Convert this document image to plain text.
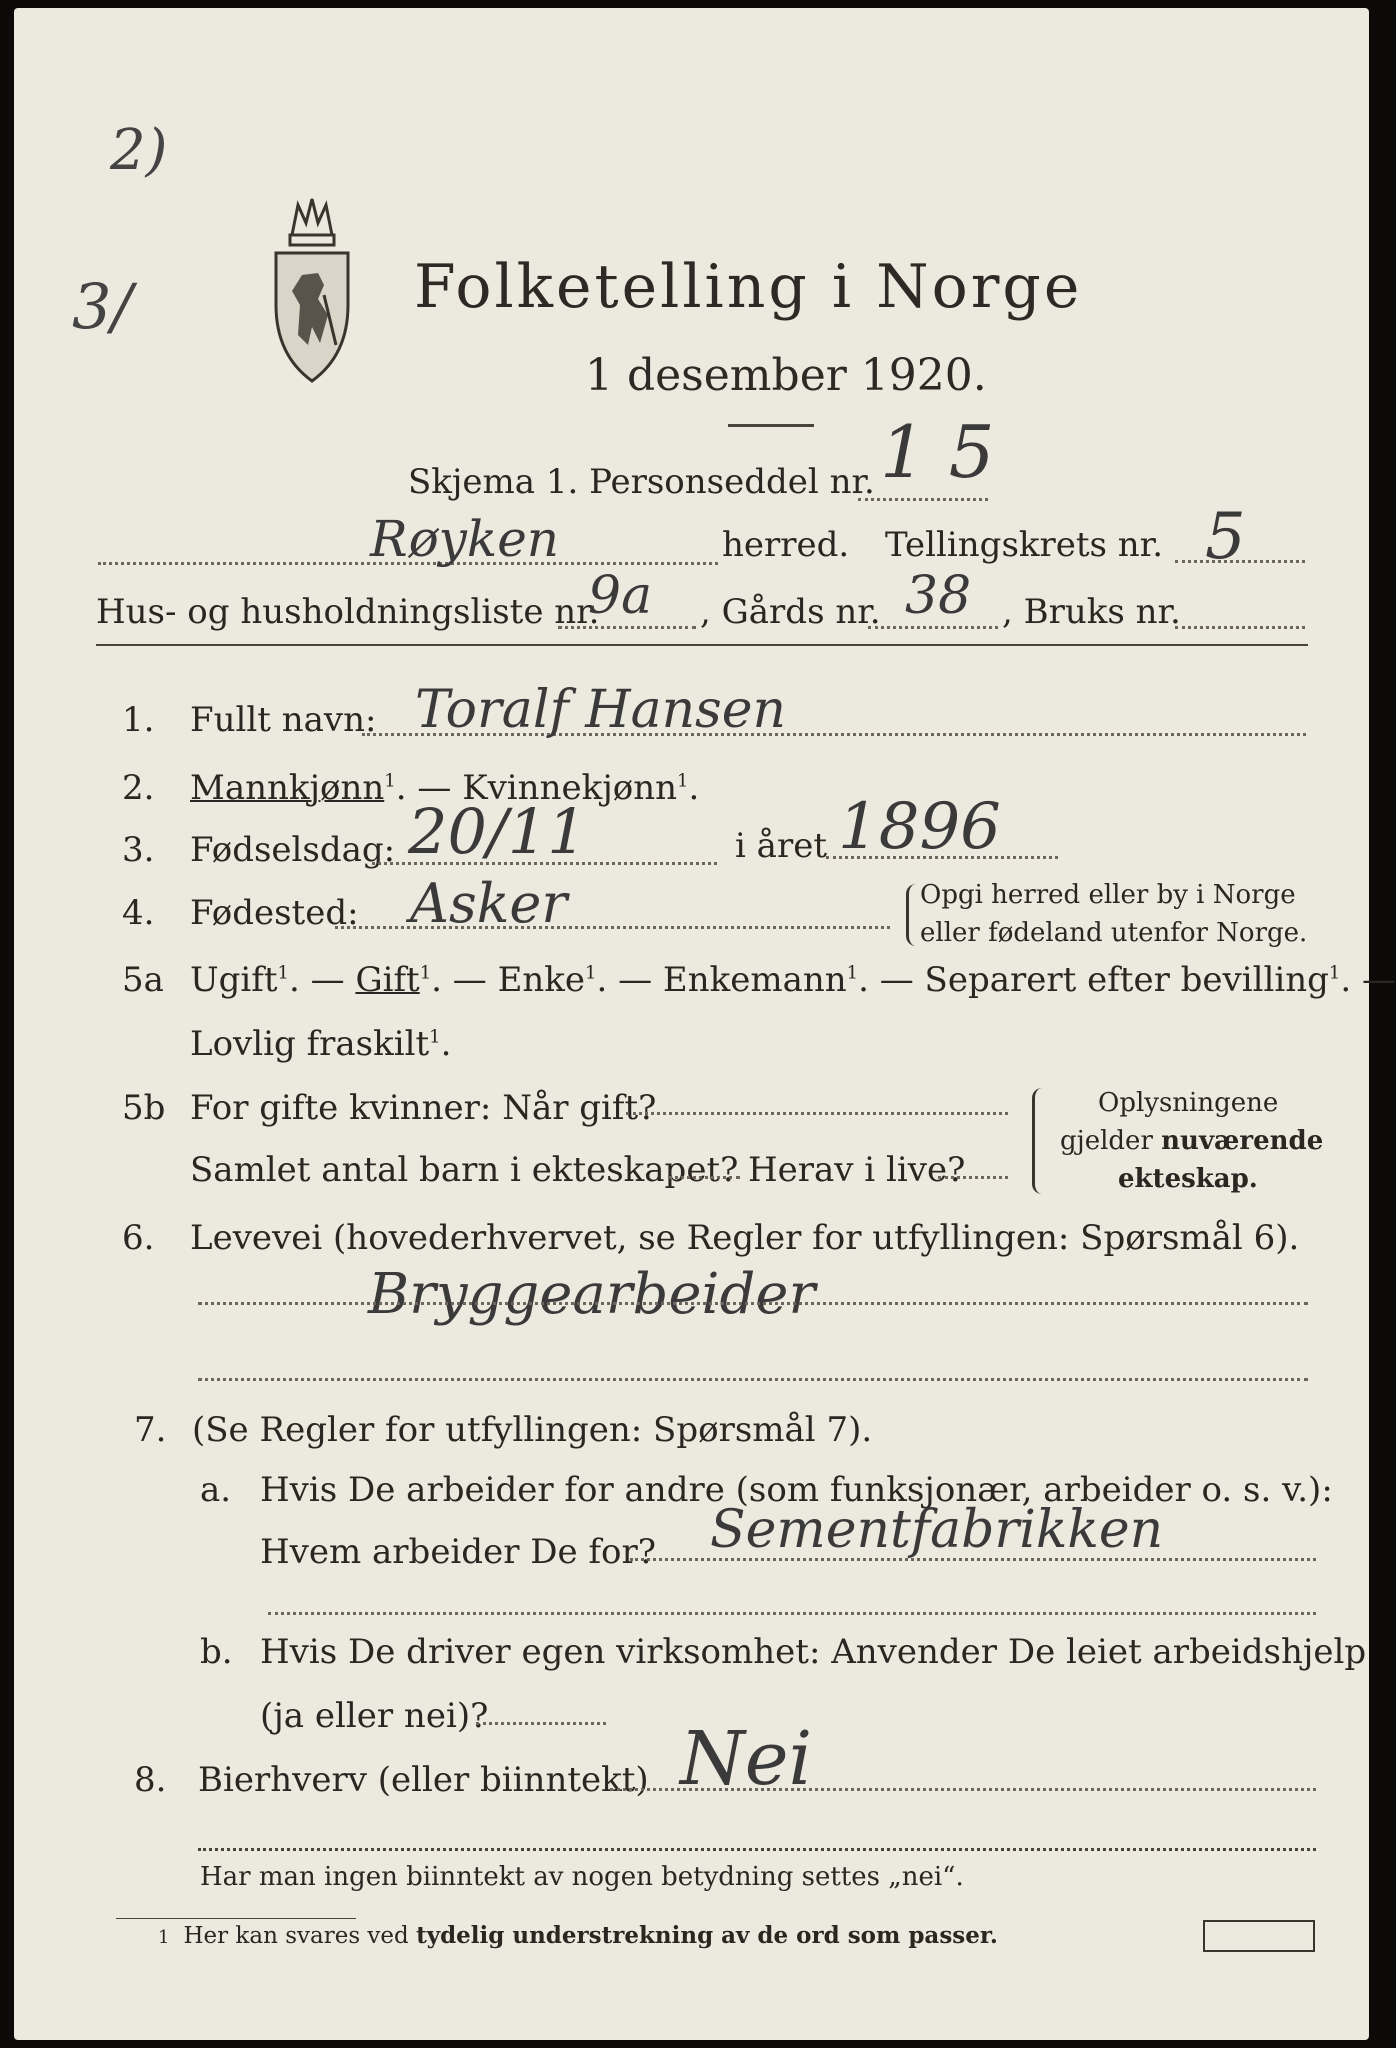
2)
3/	Folketelling i Norge
1 desember 1920.
Skjema 1. Personseddel nr. 1 5
Røyken	herred. Tellingskrets nr. 5
Hus- og husholdningsliste nr.
9a , Gårds nr. 38 , Bruks nr.
1. Fullt navn: Toralf Hansen
2. Mannkjønn$^1$. — Kvinnekjønn$^1$.
3. Fødselsdag: 20/11	i året 1896
4. Fødested: Asker	Opgi herred eller by i Norge
eller fødeland utenfor Norge.
5a Ugift$^1$. — Gift$^1$. — Enke$^1$. — Enkemann$^1$. — Separert efter bevilling$^1$. —
Lovlig fraskilt$^1$.
5b For gifte kvinner: Når gift?
Samlet antal barn i ekteskapet? Herav i live?
Oplysningene
gjelder nuværende
ekteskap.
6. Levevei (hovederhvervet, se Regler for utfyllingen: Spørsmål 6).
Bryggearbeider
7. (Se Regler for utfyllingen: Spørsmål 7).
a. Hvis De arbeider for andre (som funksjonær, arbeider o. s. v.):
Hvem arbeider De for? Sementfabrikken
b. Hvis De driver egen virksomhet: Anvender De leiet arbeidshjelp
(ja eller nei)?
8. Bierhverv (eller biinntekt) Nei
Har man ingen biinntekt av nogen betydning settes „nei“.
1 Her kan svares ved tydelig understrekning av de ord som passer.
